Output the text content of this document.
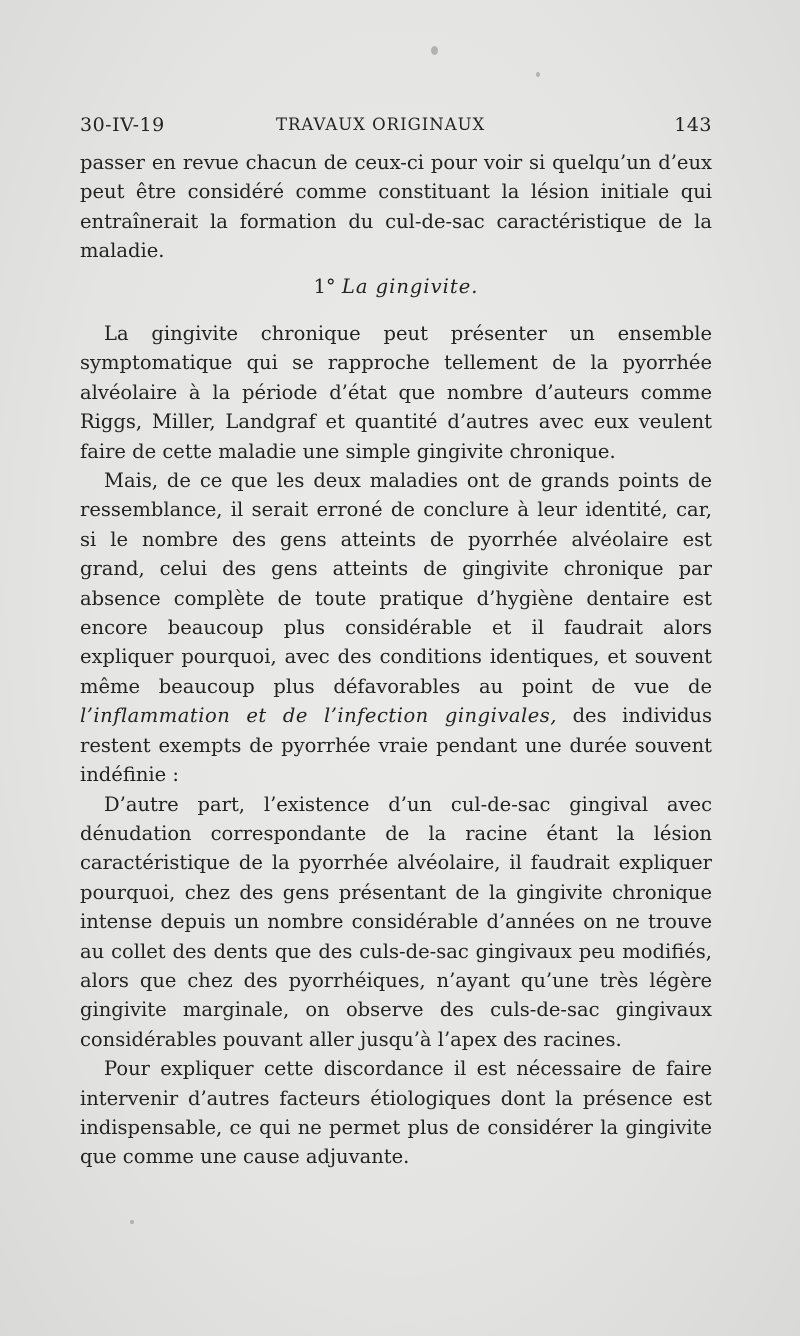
30-IV-19	TRAVAUX ORIGINAUX	143

passer en revue chacun de ceux-ci pour voir si quelqu’un d’eux peut être considéré comme constituant la lésion initiale qui entraînerait la formation du cul-de-sac caractéristique de la maladie.

1° La gingivite.

La gingivite chronique peut présenter un ensemble symptomatique qui se rapproche tellement de la pyorrhée alvéolaire à la période d’état que nombre d’auteurs comme Riggs, Miller, Landgraf et quantité d’autres avec eux veulent faire de cette maladie une simple gingivite chronique.

Mais, de ce que les deux maladies ont de grands points de ressemblance, il serait erroné de conclure à leur identité, car, si le nombre des gens atteints de pyorrhée alvéolaire est grand, celui des gens atteints de gingivite chronique par absence complète de toute pratique d’hygiène dentaire est encore beaucoup plus considérable et il faudrait alors expliquer pourquoi, avec des conditions identiques, et souvent même beaucoup plus défavorables au point de vue de l’inflammation et de l’infection gingivales, des individus restent exempts de pyorrhée vraie pendant une durée souvent indéfinie :

D’autre part, l’existence d’un cul-de-sac gingival avec dénudation correspondante de la racine étant la lésion caractéristique de la pyorrhée alvéolaire, il faudrait expliquer pourquoi, chez des gens présentant de la gingivite chronique intense depuis un nombre considérable d’années on ne trouve au collet des dents que des culs-de-sac gingivaux peu modifiés, alors que chez des pyorrhéiques, n’ayant qu’une très légère gingivite marginale, on observe des culs-de-sac gingivaux considérables pouvant aller jusqu’à l’apex des racines.

Pour expliquer cette discordance il est nécessaire de faire intervenir d’autres facteurs étiologiques dont la présence est indispensable, ce qui ne permet plus de considérer la gingivite que comme une cause adjuvante.
